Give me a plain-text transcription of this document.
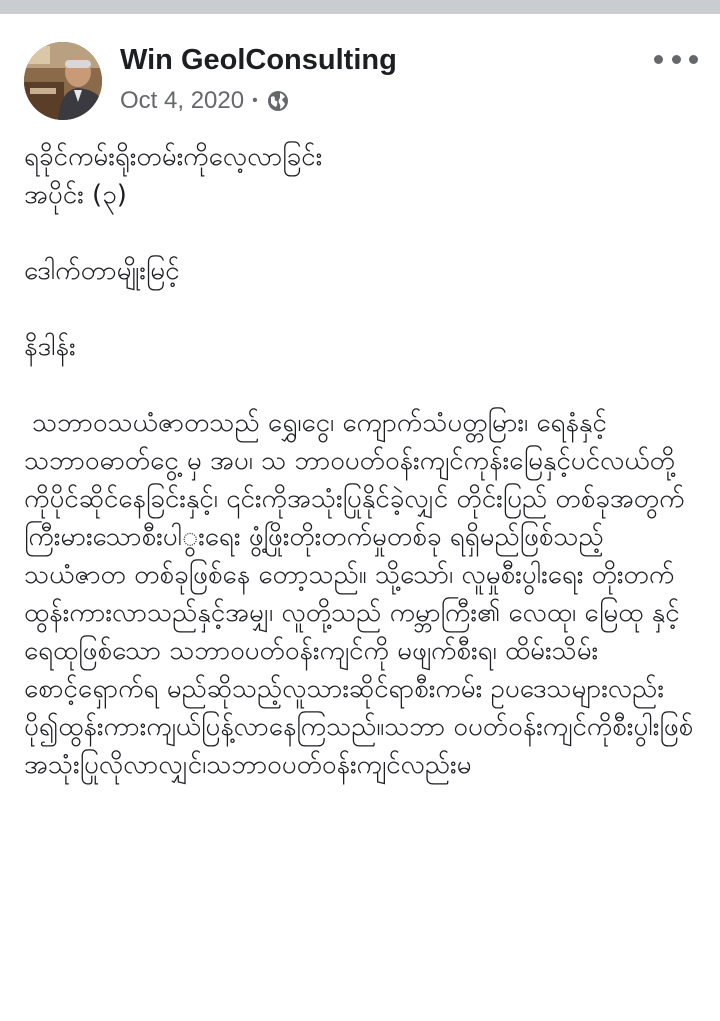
Win GeolConsulting
Oct 4, 2020 •

ရခိုင်ကမ်းရိုးတမ်းကိုလေ့လာခြင်း

အပိုင်း (၃)

ဒေါက်တာမျိုးမြင့်

နိဒါန်း

သဘာဝသယံဇာတသည် ရွှေ၊ငွေ၊ ကျောက်သံပတ္တမြား၊ ရေနံနှင့်သဘာဝဓာတ်ငွေ့ မှ အပ၊ သ ဘာဝပတ်ဝန်းကျင်ကုန်းမြေနှင့်ပင်လယ်တို့ကိုပိုင်ဆိုင်နေခြင်းနှင့်၊ ၎င်းကိုအသုံးပြုနိုင်ခဲ့လျှင် တိုင်းပြည် တစ်ခုအတွက်ကြီးမားသောစီးပါွးရေး ဖွံ့ဖြိုးတိုးတက်မှုတစ်ခု ရရှိမည်ဖြစ်သည့်သယံဇာတ တစ်ခုဖြစ်နေ တော့သည်။ သို့သော်၊ လူမှုစီးပွါးရေး တိုးတက်ထွန်းကားလာသည်နှင့်အမျှ၊ လူတို့သည် ကမ္ဘာကြီး၏ လေထု၊ မြေထု နှင့် ရေထုဖြစ်သော သဘာဝပတ်ဝန်းကျင်ကို မဖျက်စီးရ၊ ထိမ်းသိမ်း စောင့်ရှောက်ရ မည်ဆိုသည့်လူသားဆိုင်ရာစီးကမ်း ဥပဒေသများလည်းပို၍ထွန်းကားကျယ်ပြန့်လာနေကြသည်။သဘာ ဝပတ်ဝန်းကျင်ကိုစီးပွါးဖြစ် အသုံးပြုလိုလာလျှင်၊သဘာဝပတ်ဝန်းကျင်လည်းမ
